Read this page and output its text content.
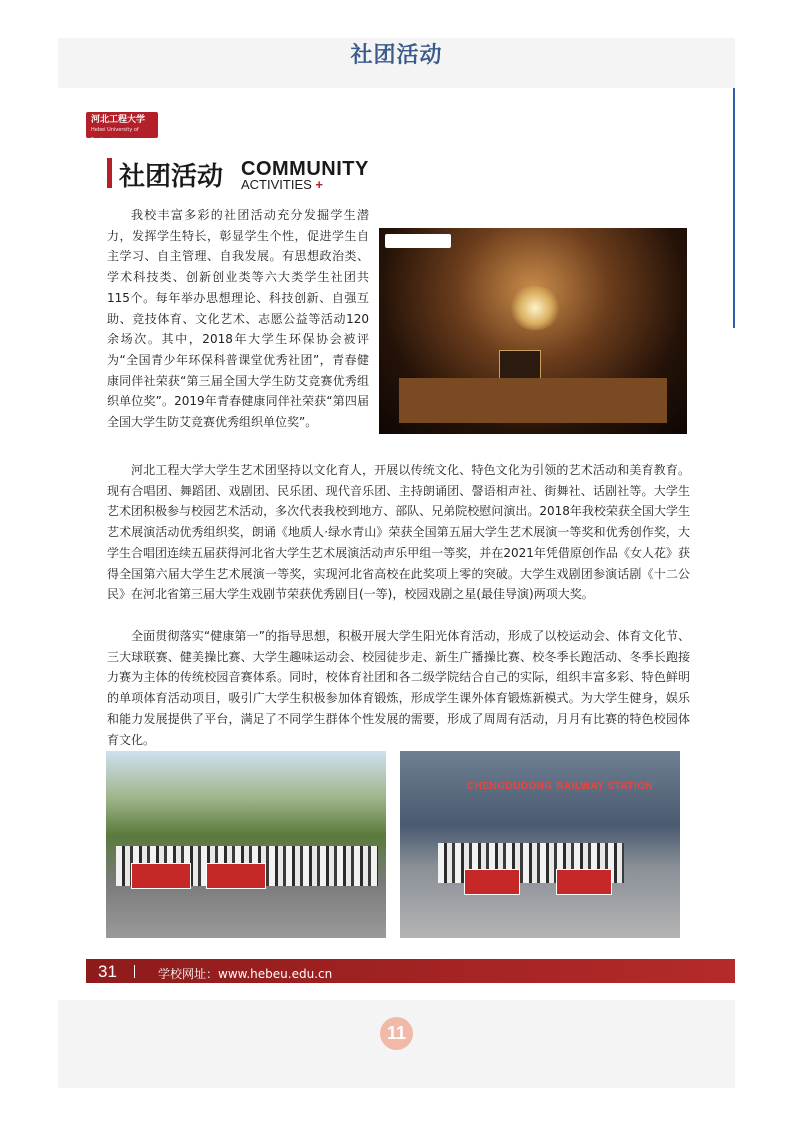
社团活动
河北工程大学
Hebei University of Engineering
社团活动 COMMUNITY
ACTIVITIES +

我校丰富多彩的社团活动充分发掘学生潜力，发挥学生特长，彰显学生个性，促进学生自主学习、自主管理、自我发展。有思想政治类、学术科技类、创新创业类等六大类学生社团共115个。每年举办思想理论、科技创新、自强互助、竞技体育、文化艺术、志愿公益等活动120余场次。其中，2018年大学生环保协会被评为“全国青少年环保科普课堂优秀社团”，青春健康同伴社荣获“第三届全国大学生防艾竞赛优秀组织单位奖”。2019年青春健康同伴社荣获“第四届全国大学生防艾竞赛优秀组织单位奖”。

河北工程大学大学生艺术团坚持以文化育人，开展以传统文化、特色文化为引领的艺术活动和美育教育。现有合唱团、舞蹈团、戏剧团、民乐团、现代音乐团、主持朗诵团、謦语相声社、街舞社、话剧社等。大学生艺术团积极参与校园艺术活动，多次代表我校到地方、部队、兄弟院校慰问演出。2018年我校荣获全国大学生艺术展演活动优秀组织奖，朗诵《地质人·绿水青山》荣获全国第五届大学生艺术展演一等奖和优秀创作奖，大学生合唱团连续五届获得河北省大学生艺术展演活动声乐甲组一等奖，并在2021年凭借原创作品《女人花》获得全国第六届大学生艺术展演一等奖，实现河北省高校在此奖项上零的突破。大学生戏剧团参演话剧《十二公民》在河北省第三届大学生戏剧节荣获优秀剧目(一等)，校园戏剧之星(最佳导演)两项大奖。

全面贯彻落实“健康第一”的指导思想，积极开展大学生阳光体育活动，形成了以校运动会、体育文化节、三大球联赛、健美操比赛、大学生趣味运动会、校园徒步走、新生广播操比赛、校冬季长跑活动、冬季长跑接力赛为主体的传统校园音赛体系。同时，校体育社团和各二级学院结合自己的实际，组织丰富多彩、特色鲜明的单项体育活动项目，吸引广大学生积极参加体育锻炼，形成学生课外体育锻炼新模式。为大学生健身，娱乐和能力发展提供了平台，满足了不同学生群体个性发展的需要，形成了周周有活动，月月有比赛的特色校园体育文化。

CHENGDUDONG RAILWAY STATION
31	学校网址：www.hebeu.edu.cn
11
